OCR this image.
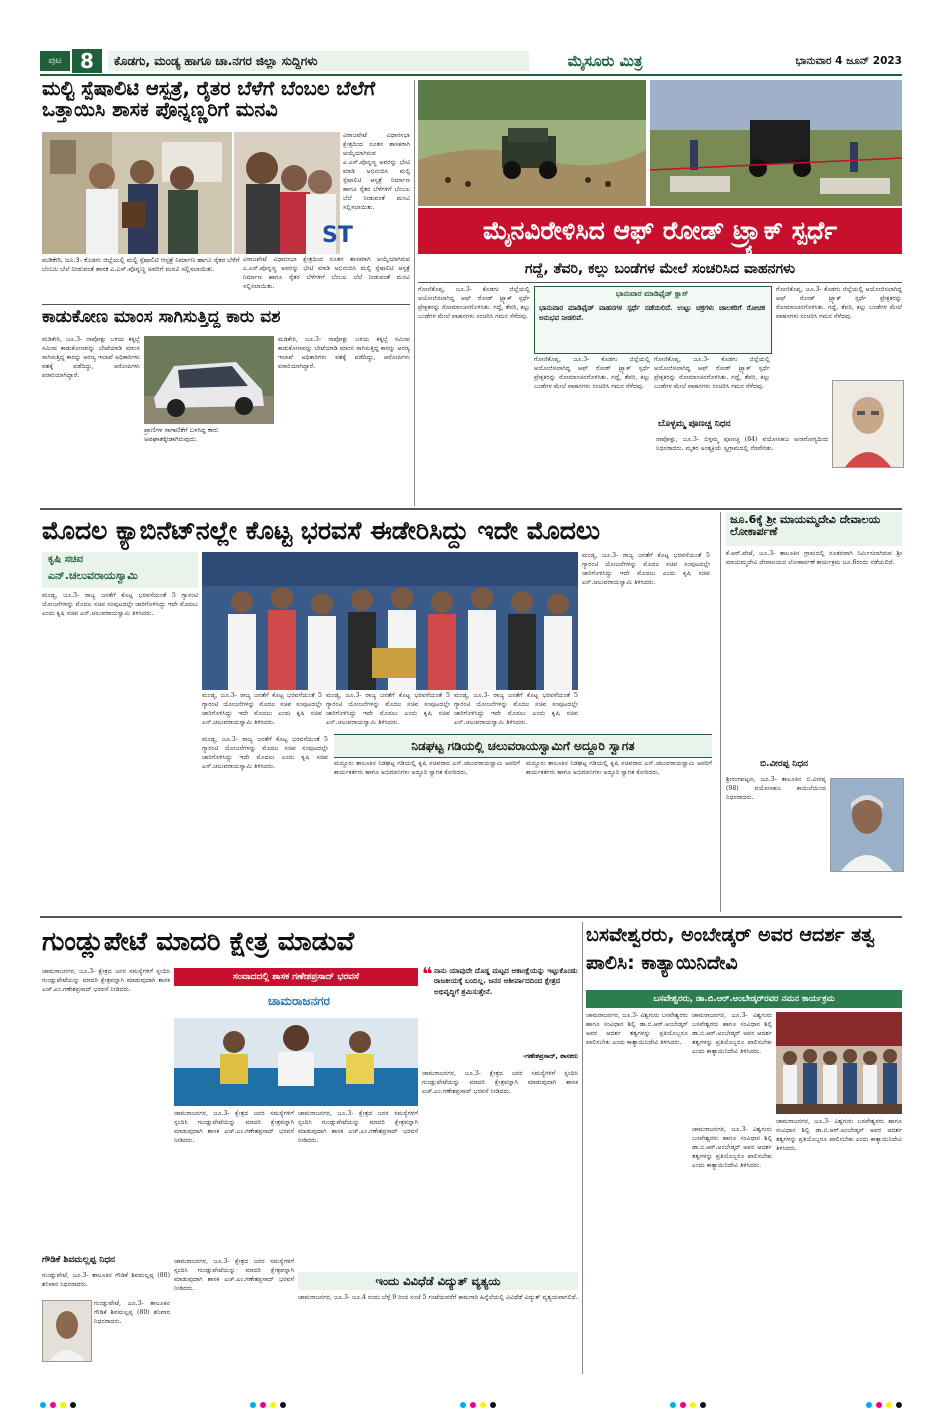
ಪುಟ 8	ಕೊಡಗು, ಮಂಡ್ಯ ಹಾಗೂ ಚಾ.ನಗರ ಜಿಲ್ಲಾ ಸುದ್ದಿಗಳು	ಮೈಸೂರು ಮಿತ್ರ	ಭಾನುವಾರ 4 ಜೂನ್ 2023
ಮಲ್ಟಿ ಸ್ಪೆಷಾಲಿಟಿ ಆಸ್ಪತ್ರೆ, ರೈತರ ಬೆಳೆಗೆ ಬೆಂಬಲ ಬೆಲೆಗೆ ಒತ್ತಾಯಿಸಿ ಶಾಸಕ ಪೊನ್ನಣ್ಣರಿಗೆ ಮನವಿ
ST
ಮಡಿಕೇರಿ, ಜೂ.3- ಕೊಡಗು ಜಿಲ್ಲೆಯಲ್ಲಿ ಮಲ್ಟಿ ಸ್ಪೆಷಾಲಿಟಿ ಆಸ್ಪತ್ರೆ ನಿರ್ಮಾಣ ಹಾಗೂ ರೈತರ ಬೆಳೆಗೆ ಬೆಂಬಲ ಬೆಲೆ ನೀಡುವಂತೆ ಶಾಸಕ ಎ.ಎಸ್.ಪೊನ್ನಣ್ಣ ಅವರಿಗೆ ಮನವಿ ಸಲ್ಲಿಸಲಾಯಿತು.
ವಿರಾಜಪೇಟೆ ವಿಧಾನಸಭಾ ಕ್ಷೇತ್ರದಿಂದ ನೂತನ ಶಾಸಕರಾಗಿ ಆಯ್ಕೆಯಾಗಿರುವ ಎ.ಎಸ್.ಪೊನ್ನಣ್ಣ ಅವರನ್ನು ಭೇಟಿ ಮಾಡಿ ಅಭಿನಂದಿಸಿ ಮಲ್ಟಿ ಸ್ಪೆಷಾಲಿಟಿ ಆಸ್ಪತ್ರೆ ನಿರ್ಮಾಣ ಹಾಗೂ ರೈತರ ಬೆಳೆಗಳಿಗೆ ಬೆಂಬಲ ಬೆಲೆ ನೀಡುವಂತೆ ಮನವಿ ಸಲ್ಲಿಸಲಾಯಿತು.
ವಿರಾಜಪೇಟೆ ವಿಧಾನಸಭಾ ಕ್ಷೇತ್ರದಿಂದ ನೂತನ ಶಾಸಕರಾಗಿ ಆಯ್ಕೆಯಾಗಿರುವ ಎ.ಎಸ್.ಪೊನ್ನಣ್ಣ ಅವರನ್ನು ಭೇಟಿ ಮಾಡಿ ಅಭಿನಂದಿಸಿ ಮಲ್ಟಿ ಸ್ಪೆಷಾಲಿಟಿ ಆಸ್ಪತ್ರೆ ನಿರ್ಮಾಣ ಹಾಗೂ ರೈತರ ಬೆಳೆಗಳಿಗೆ ಬೆಂಬಲ ಬೆಲೆ ನೀಡುವಂತೆ ಮನವಿ ಸಲ್ಲಿಸಲಾಯಿತು.
ಕಾಡುಕೋಣ ಮಾಂಸ ಸಾಗಿಸುತ್ತಿದ್ದ ಕಾರು ವಶ
ಮಡಿಕೇರಿ, ಜೂ.3- ನಾಪೋಕ್ಲು ಬಳಿಯ ಕಕ್ಕಬ್ಬೆ ಸಮೀಪ ಕಾಡುಕೋಣವನ್ನು ಬೇಟೆಯಾಡಿ ಮಾಂಸ ಸಾಗಿಸುತ್ತಿದ್ದ ಕಾರನ್ನು ಅರಣ್ಯ ಇಲಾಖೆ ಅಧಿಕಾರಿಗಳು ವಶಕ್ಕೆ ಪಡೆದಿದ್ದು, ಆರೋಪಿಗಳು ಪರಾರಿಯಾಗಿದ್ದಾರೆ.
ಪ್ರಾಣಿಗಳ ಸಾಗಾಣಿಕೆಗೆ ಬಳಸಿದ್ದ ಕಾರು ಅಪಘಾತಕ್ಕೀಡಾಗಿರುವುದು.
ಮಡಿಕೇರಿ, ಜೂ.3- ನಾಪೋಕ್ಲು ಬಳಿಯ ಕಕ್ಕಬ್ಬೆ ಸಮೀಪ ಕಾಡುಕೋಣವನ್ನು ಬೇಟೆಯಾಡಿ ಮಾಂಸ ಸಾಗಿಸುತ್ತಿದ್ದ ಕಾರನ್ನು ಅರಣ್ಯ ಇಲಾಖೆ ಅಧಿಕಾರಿಗಳು ವಶಕ್ಕೆ ಪಡೆದಿದ್ದು, ಆರೋಪಿಗಳು ಪರಾರಿಯಾಗಿದ್ದಾರೆ.
ಮೈನವಿರೇಳಿಸಿದ ಆಫ್ ರೋಡ್ ಟ್ರ್ಯಾಕ್ ಸ್ಪರ್ಧೆ
ಗದ್ದೆ, ತೆವರಿ, ಕಲ್ಲು ಬಂಡೆಗಳ ಮೇಲೆ ಸಂಚರಿಸಿದ ವಾಹನಗಳು
ಗೋಣಿಕೊಪ್ಪ, ಜೂ.3- ಕೊಡಗು ಜಿಲ್ಲೆಯಲ್ಲಿ ಆಯೋಜಿಸಲಾಗಿದ್ದ ಆಫ್ ರೋಡ್ ಟ್ರ್ಯಾಕ್ ಸ್ಪರ್ಧೆ ಪ್ರೇಕ್ಷಕರನ್ನು ರೋಮಾಂಚನಗೊಳಿಸಿತು. ಗದ್ದೆ, ತೆವರಿ, ಕಲ್ಲು ಬಂಡೆಗಳ ಮೇಲೆ ವಾಹನಗಳು ಸಂಚರಿಸಿ ಗಮನ ಸೆಳೆದವು.
ಭಾನುವಾರ ಮಾಡಿಫೈಡ್ ಕ್ಲಾಸ್
ಭಾನುವಾರ ಮಾಡಿಫೈಡ್ ವಾಹನಗಳ ಸ್ಪರ್ಧೆ ನಡೆಯಲಿದೆ. ಉಟ್ಟು ಚಕ್ರಗಳು ಚಾಲಕರಿಗೆ ರೋಚಕ ಅನುಭವ ನೀಡಲಿವೆ.
ಗೋಣಿಕೊಪ್ಪ, ಜೂ.3- ಕೊಡಗು ಜಿಲ್ಲೆಯಲ್ಲಿ ಆಯೋಜಿಸಲಾಗಿದ್ದ ಆಫ್ ರೋಡ್ ಟ್ರ್ಯಾಕ್ ಸ್ಪರ್ಧೆ ಪ್ರೇಕ್ಷಕರನ್ನು ರೋಮಾಂಚನಗೊಳಿಸಿತು. ಗದ್ದೆ, ತೆವರಿ, ಕಲ್ಲು ಬಂಡೆಗಳ ಮೇಲೆ ವಾಹನಗಳು ಸಂಚರಿಸಿ ಗಮನ ಸೆಳೆದವು.
ಗೋಣಿಕೊಪ್ಪ, ಜೂ.3- ಕೊಡಗು ಜಿಲ್ಲೆಯಲ್ಲಿ ಆಯೋಜಿಸಲಾಗಿದ್ದ ಆಫ್ ರೋಡ್ ಟ್ರ್ಯಾಕ್ ಸ್ಪರ್ಧೆ ಪ್ರೇಕ್ಷಕರನ್ನು ರೋಮಾಂಚನಗೊಳಿಸಿತು. ಗದ್ದೆ, ತೆವರಿ, ಕಲ್ಲು ಬಂಡೆಗಳ ಮೇಲೆ ವಾಹನಗಳು ಸಂಚರಿಸಿ ಗಮನ ಸೆಳೆದವು.
ಗೋಣಿಕೊಪ್ಪ, ಜೂ.3- ಕೊಡಗು ಜಿಲ್ಲೆಯಲ್ಲಿ ಆಯೋಜಿಸಲಾಗಿದ್ದ ಆಫ್ ರೋಡ್ ಟ್ರ್ಯಾಕ್ ಸ್ಪರ್ಧೆ ಪ್ರೇಕ್ಷಕರನ್ನು ರೋಮಾಂಚನಗೊಳಿಸಿತು. ಗದ್ದೆ, ತೆವರಿ, ಕಲ್ಲು ಬಂಡೆಗಳ ಮೇಲೆ ವಾಹನಗಳು ಸಂಚರಿಸಿ ಗಮನ ಸೆಳೆದವು.
ಬೊಳ್ಳಮ್ಮ ಪೂಣಚ್ಚ ನಿಧನ
ನಾಪೋಕ್ಲು, ಜೂ.3- ಬಿಳ್ಳಮ್ಮ ಪೂಣಚ್ಚ (84) ವಯೋಸಹಜ ಅನಾರೋಗ್ಯದಿಂದ ನಿಧನರಾದರು. ಮೃತರ ಅಂತ್ಯಕ್ರಿಯೆ ಸ್ವಗ್ರಾಮದಲ್ಲಿ ನೆರವೇರಿತು.
ಮೊದಲ ಕ್ಯಾಬಿನೆಟ್‌ನಲ್ಲೇ ಕೊಟ್ಟ ಭರವಸೆ ಈಡೇರಿಸಿದ್ದು ಇದೇ ಮೊದಲು
ಕೃಷಿ ಸಚಿವ
ಎನ್.ಚಲುವರಾಯಸ್ವಾಮಿ
ಮಂಡ್ಯ, ಜೂ.3- ರಾಜ್ಯ ಜನತೆಗೆ ಕೊಟ್ಟ ಭರವಸೆಯಂತೆ 5 ಗ್ಯಾರಂಟಿ ಯೋಜನೆಗಳನ್ನು ಮೊದಲ ಸಚಿವ ಸಂಪುಟದಲ್ಲೇ ಜಾರಿಗೊಳಿಸಿದ್ದು ಇದೇ ಮೊದಲು ಎಂದು ಕೃಷಿ ಸಚಿವ ಎನ್.ಚಲುವರಾಯಸ್ವಾಮಿ ತಿಳಿಸಿದರು.
ಮಂಡ್ಯ, ಜೂ.3- ರಾಜ್ಯ ಜನತೆಗೆ ಕೊಟ್ಟ ಭರವಸೆಯಂತೆ 5 ಗ್ಯಾರಂಟಿ ಯೋಜನೆಗಳನ್ನು ಮೊದಲ ಸಚಿವ ಸಂಪುಟದಲ್ಲೇ ಜಾರಿಗೊಳಿಸಿದ್ದು ಇದೇ ಮೊದಲು ಎಂದು ಕೃಷಿ ಸಚಿವ ಎನ್.ಚಲುವರಾಯಸ್ವಾಮಿ ತಿಳಿಸಿದರು.
ಮಂಡ್ಯ, ಜೂ.3- ರಾಜ್ಯ ಜನತೆಗೆ ಕೊಟ್ಟ ಭರವಸೆಯಂತೆ 5 ಗ್ಯಾರಂಟಿ ಯೋಜನೆಗಳನ್ನು ಮೊದಲ ಸಚಿವ ಸಂಪುಟದಲ್ಲೇ ಜಾರಿಗೊಳಿಸಿದ್ದು ಇದೇ ಮೊದಲು ಎಂದು ಕೃಷಿ ಸಚಿವ ಎನ್.ಚಲುವರಾಯಸ್ವಾಮಿ ತಿಳಿಸಿದರು.
ಮಂಡ್ಯ, ಜೂ.3- ರಾಜ್ಯ ಜನತೆಗೆ ಕೊಟ್ಟ ಭರವಸೆಯಂತೆ 5 ಗ್ಯಾರಂಟಿ ಯೋಜನೆಗಳನ್ನು ಮೊದಲ ಸಚಿವ ಸಂಪುಟದಲ್ಲೇ ಜಾರಿಗೊಳಿಸಿದ್ದು ಇದೇ ಮೊದಲು ಎಂದು ಕೃಷಿ ಸಚಿವ ಎನ್.ಚಲುವರಾಯಸ್ವಾಮಿ ತಿಳಿಸಿದರು.
ಮಂಡ್ಯ, ಜೂ.3- ರಾಜ್ಯ ಜನತೆಗೆ ಕೊಟ್ಟ ಭರವಸೆಯಂತೆ 5 ಗ್ಯಾರಂಟಿ ಯೋಜನೆಗಳನ್ನು ಮೊದಲ ಸಚಿವ ಸಂಪುಟದಲ್ಲೇ ಜಾರಿಗೊಳಿಸಿದ್ದು ಇದೇ ಮೊದಲು ಎಂದು ಕೃಷಿ ಸಚಿವ ಎನ್.ಚಲುವರಾಯಸ್ವಾಮಿ ತಿಳಿಸಿದರು.
ಮಂಡ್ಯ, ಜೂ.3- ರಾಜ್ಯ ಜನತೆಗೆ ಕೊಟ್ಟ ಭರವಸೆಯಂತೆ 5 ಗ್ಯಾರಂಟಿ ಯೋಜನೆಗಳನ್ನು ಮೊದಲ ಸಚಿವ ಸಂಪುಟದಲ್ಲೇ ಜಾರಿಗೊಳಿಸಿದ್ದು ಇದೇ ಮೊದಲು ಎಂದು ಕೃಷಿ ಸಚಿವ ಎನ್.ಚಲುವರಾಯಸ್ವಾಮಿ ತಿಳಿಸಿದರು.
ನಿಡಘಟ್ಟ ಗಡಿಯಲ್ಲಿ ಚಲುವರಾಯಸ್ವಾಮಿಗೆ ಅದ್ದೂರಿ ಸ್ವಾಗತ
ಮದ್ದೂರು ತಾಲೂಕಿನ ನಿಡಘಟ್ಟ ಗಡಿಯಲ್ಲಿ ಕೃಷಿ ಸಚಿವರಾದ ಎನ್.ಚಲುವರಾಯಸ್ವಾಮಿ ಅವರಿಗೆ ಕಾರ್ಯಕರ್ತರು ಹಾಗೂ ಅಭಿಮಾನಿಗಳು ಅದ್ದೂರಿ ಸ್ವಾಗತ ಕೋರಿದರು.
ಮದ್ದೂರು ತಾಲೂಕಿನ ನಿಡಘಟ್ಟ ಗಡಿಯಲ್ಲಿ ಕೃಷಿ ಸಚಿವರಾದ ಎನ್.ಚಲುವರಾಯಸ್ವಾಮಿ ಅವರಿಗೆ ಕಾರ್ಯಕರ್ತರು ಹಾಗೂ ಅಭಿಮಾನಿಗಳು ಅದ್ದೂರಿ ಸ್ವಾಗತ ಕೋರಿದರು.
ಜೂ.6ಕ್ಕೆ ಶ್ರೀ ಮಾಯಮ್ಮದೇವಿ ದೇವಾಲಯ ಲೋಕಾರ್ಪಣೆ
ಕೆ.ಆರ್.ಪೇಟೆ, ಜೂ.3- ತಾಲೂಕಿನ ಗ್ರಾಮದಲ್ಲಿ ನೂತನವಾಗಿ ನಿರ್ಮಿಸಲಾಗಿರುವ ಶ್ರೀ ಮಾಯಮ್ಮದೇವಿ ದೇವಾಲಯದ ಲೋಕಾರ್ಪಣೆ ಕಾರ್ಯಕ್ರಮ ಜೂ.6ರಂದು ನಡೆಯಲಿದೆ.
ಬಿ.ವೀರಪ್ಪ ನಿಧನ
ಶ್ರೀರಂಗಪಟ್ಟಣ, ಜೂ.3- ತಾಲೂಕಿನ ಬಿ.ವೀರಪ್ಪ (98) ವಯೋಸಹಜ ಕಾಯಿಲೆಯಿಂದ ನಿಧನರಾದರು.
ಗುಂಡ್ಲುಪೇಟೆ ಮಾದರಿ ಕ್ಷೇತ್ರ ಮಾಡುವೆ
ಚಾಮರಾಜನಗರ, ಜೂ.3- ಕ್ಷೇತ್ರದ ಜನರ ಸಮಸ್ಯೆಗಳಿಗೆ ಸ್ಪಂದಿಸಿ ಗುಂಡ್ಲುಪೇಟೆಯನ್ನು ಮಾದರಿ ಕ್ಷೇತ್ರವನ್ನಾಗಿ ಮಾಡುವುದಾಗಿ ಶಾಸಕ ಎಚ್.ಎಂ.ಗಣೇಶಪ್ರಸಾದ್ ಭರವಸೆ ನೀಡಿದರು.
ಸಂವಾದದಲ್ಲಿ ಶಾಸಕ ಗಣೇಶಪ್ರಸಾದ್ ಭರವಸೆ	❝ ನಾನು ಯಾವುದೇ ದೊಡ್ಡ ಮಟ್ಟದ ಆಕಾಂಕ್ಷೆಯನ್ನು ಇಟ್ಟುಕೊಂಡು ರಾಜಕೀಯಕ್ಕೆ ಬಂದಿಲ್ಲ. ಜನರ ಆಶೀರ್ವಾದದಿಂದ ಕ್ಷೇತ್ರದ ಅಭಿವೃದ್ಧಿಗೆ ಶ್ರಮಿಸುತ್ತೇನೆ.
-ಗಣೇಶಪ್ರಸಾದ್, ಶಾಸಕರು
ಚಾಮರಾಜನಗರ
ಚಾಮರಾಜನಗರ, ಜೂ.3- ಕ್ಷೇತ್ರದ ಜನರ ಸಮಸ್ಯೆಗಳಿಗೆ ಸ್ಪಂದಿಸಿ ಗುಂಡ್ಲುಪೇಟೆಯನ್ನು ಮಾದರಿ ಕ್ಷೇತ್ರವನ್ನಾಗಿ ಮಾಡುವುದಾಗಿ ಶಾಸಕ ಎಚ್.ಎಂ.ಗಣೇಶಪ್ರಸಾದ್ ಭರವಸೆ ನೀಡಿದರು.
ಚಾಮರಾಜನಗರ, ಜೂ.3- ಕ್ಷೇತ್ರದ ಜನರ ಸಮಸ್ಯೆಗಳಿಗೆ ಸ್ಪಂದಿಸಿ ಗುಂಡ್ಲುಪೇಟೆಯನ್ನು ಮಾದರಿ ಕ್ಷೇತ್ರವನ್ನಾಗಿ ಮಾಡುವುದಾಗಿ ಶಾಸಕ ಎಚ್.ಎಂ.ಗಣೇಶಪ್ರಸಾದ್ ಭರವಸೆ ನೀಡಿದರು.
ಚಾಮರಾಜನಗರ, ಜೂ.3- ಕ್ಷೇತ್ರದ ಜನರ ಸಮಸ್ಯೆಗಳಿಗೆ ಸ್ಪಂದಿಸಿ ಗುಂಡ್ಲುಪೇಟೆಯನ್ನು ಮಾದರಿ ಕ್ಷೇತ್ರವನ್ನಾಗಿ ಮಾಡುವುದಾಗಿ ಶಾಸಕ ಎಚ್.ಎಂ.ಗಣೇಶಪ್ರಸಾದ್ ಭರವಸೆ ನೀಡಿದರು.
ಗೌಡಿಕೆ ಶಿವಮಲ್ಲಪ್ಪ ನಿಧನ
ಗುಂಡ್ಲುಪೇಟೆ, ಜೂ.3- ತಾಲೂಕಿನ ಗೌಡಿಕೆ ಶಿವಮಲ್ಲಪ್ಪ (80) ಶನಿವಾರ ನಿಧನರಾದರು.
ಗುಂಡ್ಲುಪೇಟೆ, ಜೂ.3- ತಾಲೂಕಿನ ಗೌಡಿಕೆ ಶಿವಮಲ್ಲಪ್ಪ (80) ಶನಿವಾರ ನಿಧನರಾದರು.
ಇಂದು ವಿವಿಧೆಡೆ ವಿದ್ಯುತ್ ವ್ಯತ್ಯಯ
ಚಾಮರಾಜನಗರ, ಜೂ.3- ಜೂ.4 ರಂದು ಬೆಳ್ಗೆ 9 ರಿಂದ ಸಂಜೆ 5 ಗಂಟೆಯವರೆಗೆ ಕಾಮಗಾರಿ ಹಿನ್ನೆಲೆಯಲ್ಲಿ ವಿವಿಧೆಡೆ ವಿದ್ಯುತ್ ವ್ಯತ್ಯಯವಾಗಲಿದೆ.
ಚಾಮರಾಜನಗರ, ಜೂ.3- ಕ್ಷೇತ್ರದ ಜನರ ಸಮಸ್ಯೆಗಳಿಗೆ ಸ್ಪಂದಿಸಿ ಗುಂಡ್ಲುಪೇಟೆಯನ್ನು ಮಾದರಿ ಕ್ಷೇತ್ರವನ್ನಾಗಿ ಮಾಡುವುದಾಗಿ ಶಾಸಕ ಎಚ್.ಎಂ.ಗಣೇಶಪ್ರಸಾದ್ ಭರವಸೆ ನೀಡಿದರು.
ಬಸವೇಶ್ವರರು, ಅಂಬೇಡ್ಕರ್ ಅವರ ಆದರ್ಶ ತತ್ವ ಪಾಲಿಸಿ: ಕಾತ್ಯಾಯಿನಿದೇವಿ
ಬಸವೇಶ್ವರರು, ಡಾ.ಬಿ.ಆರ್.ಅಂಬೇಡ್ಕರ್‌ರವರ ನಮನ ಕಾರ್ಯಕ್ರಮ
ಚಾಮರಾಜನಗರ, ಜೂ.3- ವಿಶ್ವಗುರು ಬಸವೇಶ್ವರರು ಹಾಗೂ ಸಂವಿಧಾನ ಶಿಲ್ಪಿ ಡಾ.ಬಿ.ಆರ್.ಅಂಬೇಡ್ಕರ್ ಅವರ ಆದರ್ಶ ತತ್ವಗಳನ್ನು ಪ್ರತಿಯೊಬ್ಬರೂ ಪಾಲಿಸಬೇಕು ಎಂದು ಕಾತ್ಯಾಯಿನಿದೇವಿ ತಿಳಿಸಿದರು.
ಚಾಮರಾಜನಗರ, ಜೂ.3- ವಿಶ್ವಗುರು ಬಸವೇಶ್ವರರು ಹಾಗೂ ಸಂವಿಧಾನ ಶಿಲ್ಪಿ ಡಾ.ಬಿ.ಆರ್.ಅಂಬೇಡ್ಕರ್ ಅವರ ಆದರ್ಶ ತತ್ವಗಳನ್ನು ಪ್ರತಿಯೊಬ್ಬರೂ ಪಾಲಿಸಬೇಕು ಎಂದು ಕಾತ್ಯಾಯಿನಿದೇವಿ ತಿಳಿಸಿದರು.
ಚಾಮರಾಜನಗರ, ಜೂ.3- ವಿಶ್ವಗುರು ಬಸವೇಶ್ವರರು ಹಾಗೂ ಸಂವಿಧಾನ ಶಿಲ್ಪಿ ಡಾ.ಬಿ.ಆರ್.ಅಂಬೇಡ್ಕರ್ ಅವರ ಆದರ್ಶ ತತ್ವಗಳನ್ನು ಪ್ರತಿಯೊಬ್ಬರೂ ಪಾಲಿಸಬೇಕು ಎಂದು ಕಾತ್ಯಾಯಿನಿದೇವಿ ತಿಳಿಸಿದರು.
ಚಾಮರಾಜನಗರ, ಜೂ.3- ವಿಶ್ವಗುರು ಬಸವೇಶ್ವರರು ಹಾಗೂ ಸಂವಿಧಾನ ಶಿಲ್ಪಿ ಡಾ.ಬಿ.ಆರ್.ಅಂಬೇಡ್ಕರ್ ಅವರ ಆದರ್ಶ ತತ್ವಗಳನ್ನು ಪ್ರತಿಯೊಬ್ಬರೂ ಪಾಲಿಸಬೇಕು ಎಂದು ಕಾತ್ಯಾಯಿನಿದೇವಿ ತಿಳಿಸಿದರು.
